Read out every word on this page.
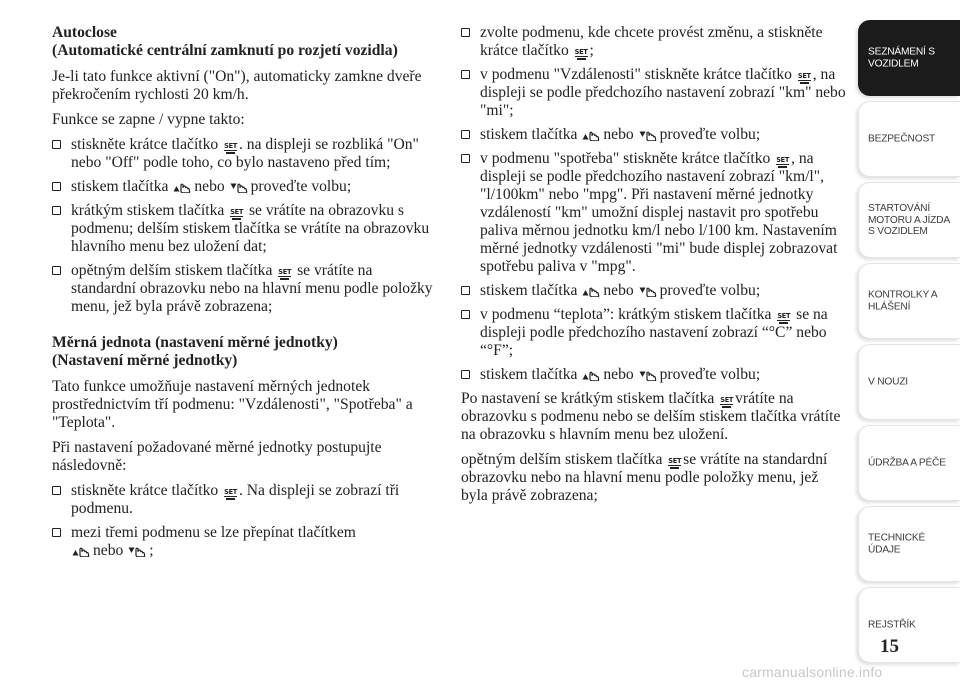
Autoclose
(Automatické centrální zamknutí po rozjetí vozidla)

Je-li tato funkce aktivní ("On"), automaticky zamkne dveře překročením rychlosti 20 km/h.

Funkce se zapne / vypne takto:

stiskněte krátce tlačítko SET . na displeji se rozbliká "On" nebo "Off" podle toho, co bylo nastaveno před tím;
stiskem tlačítka nebo proveďte volbu;
krátkým stiskem tlačítka SET se vrátíte na obrazovku s podmenu; delším stiskem tlačítka se vrátíte na obrazovku hlavního menu bez uložení dat;
opětným delším stiskem tlačítka SET se vrátíte na standardní obrazovku nebo na hlavní menu podle položky menu, jež byla právě zobrazena;
Měrná jednota (nastavení měrné jednotky)
(Nastavení měrné jednotky)

Tato funkce umožňuje nastavení měrných jednotek prostřednictvím tří podmenu: "Vzdálenosti", "Spotřeba" a "Teplota".

Při nastavení požadované měrné jednotky postupujte následovně:

stiskněte krátce tlačítko SET . Na displeji se zobrazí tři podmenu.
mezi třemi podmenu se lze přepínat tlačítkem

nebo ;
zvolte podmenu, kde chcete provést změnu, a stiskněte krátce tlačítko SET ;
v podmenu "Vzdálenosti" stiskněte krátce tlačítko SET , na displeji se podle předchozího nastavení zobrazí "km" nebo "mi";
stiskem tlačítka nebo proveďte volbu;
v podmenu "spotřeba" stiskněte krátce tlačítko SET , na displeji se podle předchozího nastavení zobrazí "km/l", "l/100km" nebo "mpg". Při nastavení měrné jednotky vzdáleností "km" umožní displej nastavit pro spotřebu paliva měrnou jednotku km/l nebo l/100 km. Nastavením měrné jednotky vzdálenosti "mi" bude displej zobrazovat spotřebu paliva v "mpg".
stiskem tlačítka nebo proveďte volbu;
v podmenu “teplota”: krátkým stiskem tlačítka SET se na displeji podle předchozího nastavení zobrazí “°C” nebo “°F”;
stiskem tlačítka nebo proveďte volbu;

Po nastavení se krátkým stiskem tlačítka SET vrátíte na obrazovku s podmenu nebo se delším stiskem tlačítka vrátíte na obrazovku s hlavním menu bez uložení.

opětným delším stiskem tlačítka SET se vrátíte na standardní obrazovku nebo na hlavní menu podle položky menu, jež byla právě zobrazena;

SEZNÁMENÍ S
VOZIDLEM
BEZPEČNOST
STARTOVÁNÍ
MOTORU A JÍZDA
S VOZIDLEM
KONTROLKY A
HLÁŠENÍ
V NOUZI
ÚDRŽBA A PÉČE
TECHNICKÉ
ÚDAJE
REJSTŘÍK
15
carmanualsonline.info
